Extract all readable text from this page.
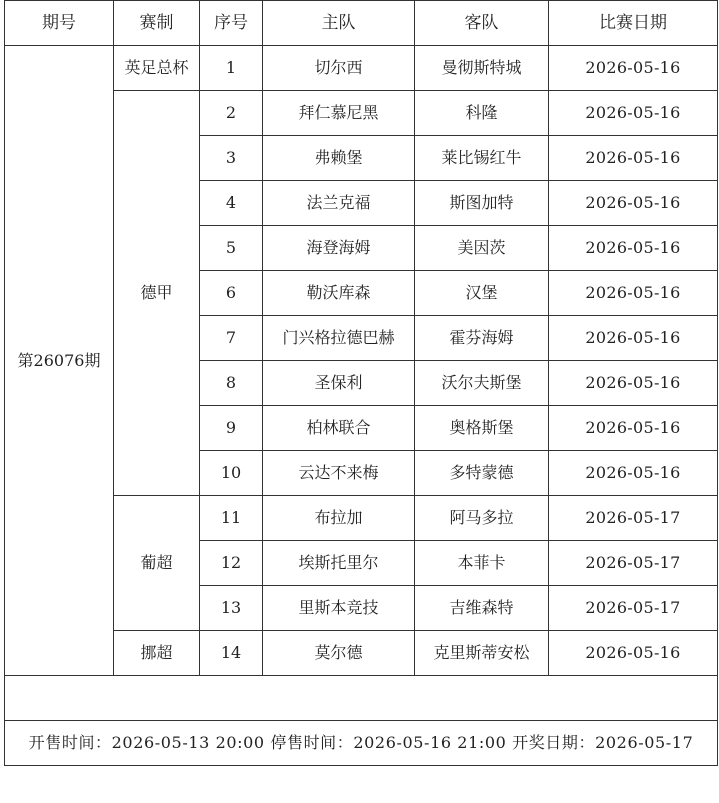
期号	赛制	序号	主队	客队	比赛日期
第26076期	英足总杯	1	切尔西	曼彻斯特城	2026-05-16
	德甲	2	拜仁慕尼黑	科隆	2026-05-16
		3	弗赖堡	莱比锡红牛	2026-05-16
		4	法兰克福	斯图加特	2026-05-16
		5	海登海姆	美因茨	2026-05-16
		6	勒沃库森	汉堡	2026-05-16
		7	门兴格拉德巴赫	霍芬海姆	2026-05-16
		8	圣保利	沃尔夫斯堡	2026-05-16
		9	柏林联合	奥格斯堡	2026-05-16
		10	云达不来梅	多特蒙德	2026-05-16
	葡超	11	布拉加	阿马多拉	2026-05-17
		12	埃斯托里尔	本菲卡	2026-05-17
		13	里斯本竞技	吉维森特	2026-05-17
	挪超	14	莫尔德	克里斯蒂安松	2026-05-16

开售时间：2026-05-13 20:00 停售时间：2026-05-16 21:00 开奖日期：2026-05-17					
